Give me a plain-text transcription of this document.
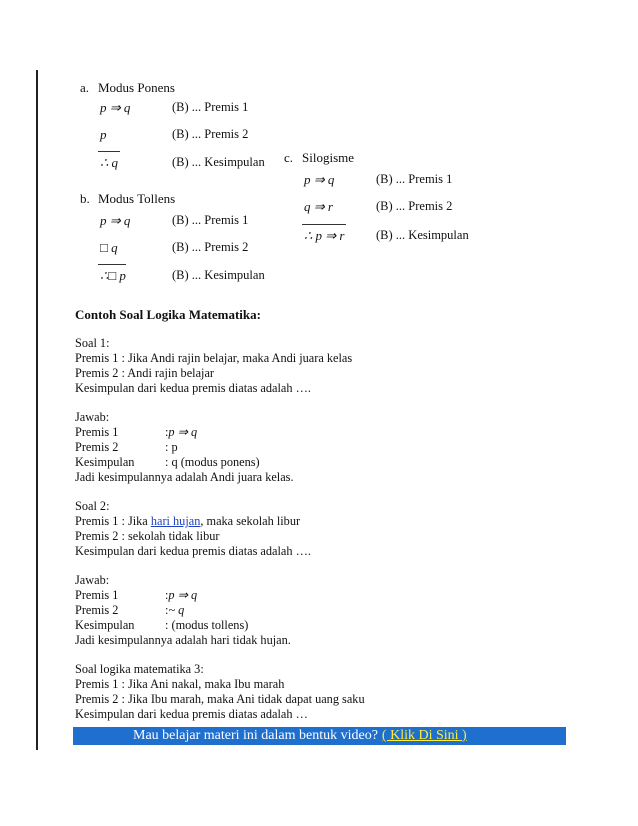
a. Modus Ponens
p ⇒ q	(B) ... Premis 1
p	(B) ... Premis 2
∴ q	(B) ... Kesimpulan c. Silogisme
p ⇒ q	(B) ... Premis 1
q ⇒ r	(B) ... Premis 2
∴ p ⇒ r	(B) ... Kesimpulan
b. Modus Tollens
p ⇒ q	(B) ... Premis 1
□ q	(B) ... Premis 2
∴□ p	(B) ... Kesimpulan
Contoh Soal Logika Matematika:
Soal 1:
Premis 1 : Jika Andi rajin belajar, maka Andi juara kelas
Premis 2 : Andi rajin belajar
Kesimpulan dari kedua premis diatas adalah ….
Jawab:
Premis 1	:p ⇒ q
Premis 2	: p
Kesimpulan : q (modus ponens)
Jadi kesimpulannya adalah Andi juara kelas.
Soal 2:
Premis 1 : Jika hari hujan, maka sekolah libur
Premis 2 : sekolah tidak libur
Kesimpulan dari kedua premis diatas adalah ….
Jawab:
Premis 1	:p ⇒ q
Premis 2	:~ q
Kesimpulan : (modus tollens)
Jadi kesimpulannya adalah hari tidak hujan.
Soal logika matematika 3:
Premis 1 : Jika Ani nakal, maka Ibu marah
Premis 2 : Jika Ibu marah, maka Ani tidak dapat uang saku
Kesimpulan dari kedua premis diatas adalah …
Mau belajar materi ini dalam bentuk video? ( Klik Di Sini )
